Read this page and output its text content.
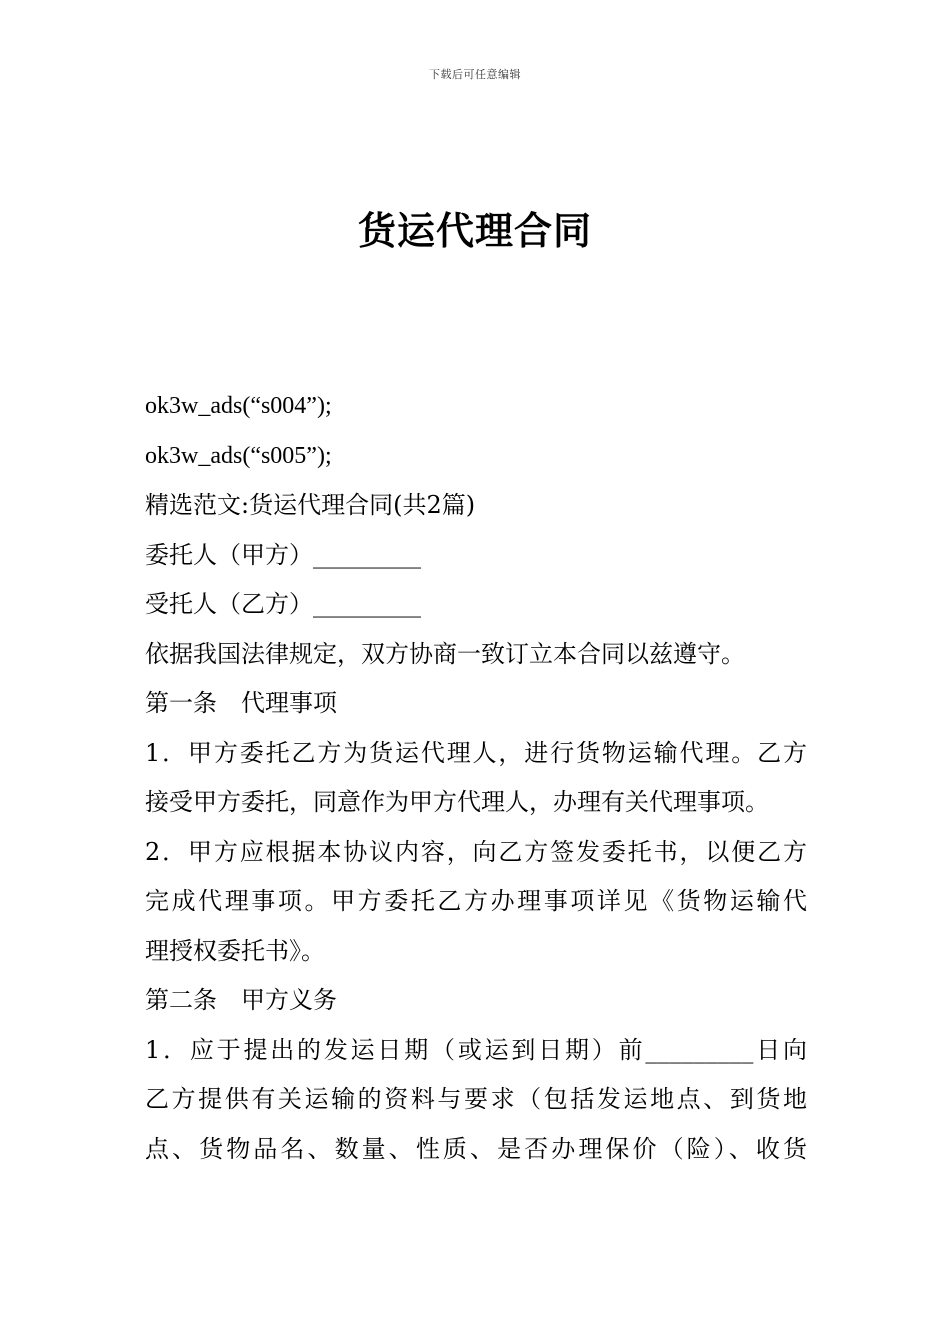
下载后可任意编辑
货运代理合同
ok3w_ads(“s004”);
ok3w_ads(“s005”);
精选范文:货运代理合同(共2篇)
委托人（甲方）_________
受托人（乙方）_________
依据我国法律规定，双方协商一致订立本合同以兹遵守。
第一条 代理事项
1．甲方委托乙方为货运代理人，进行货物运输代理。乙方
接受甲方委托，同意作为甲方代理人，办理有关代理事项。
2．甲方应根据本协议内容，向乙方签发委托书，以便乙方
完成代理事项。甲方委托乙方办理事项详见《货物运输代
理授权委托书》。
第二条 甲方义务
1．应于提出的发运日期（或运到日期）前_________日向
乙方提供有关运输的资料与要求（包括发运地点、到货地
点、货物品名、数量、性质、是否办理保价（险）、收货
